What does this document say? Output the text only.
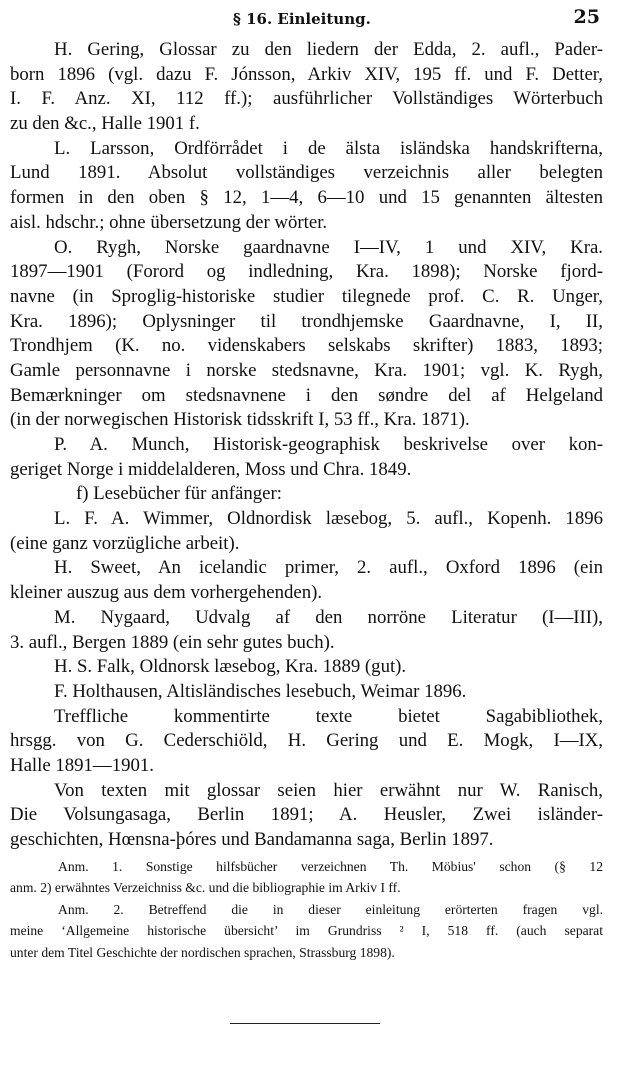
§ 16. Einleitung.	25
H. Gering, Glossar zu den liedern der Edda, 2. aufl., Pader-
born 1896 (vgl. dazu F. Jónsson, Arkiv XIV, 195 ff. und F. Detter,
I. F. Anz. XI, 112 ff.); ausführlicher Vollständiges Wörterbuch
zu den &c., Halle 1901 f.
L. Larsson, Ordförrådet i de älsta isländska handskrifterna,
Lund 1891. Absolut vollständiges verzeichnis aller belegten
formen in den oben § 12, 1—4, 6—10 und 15 genannten ältesten
aisl. hdschr.; ohne übersetzung der wörter.
O. Rygh, Norske gaardnavne I—IV, 1 und XIV, Kra.
1897—1901 (Forord og indledning, Kra. 1898); Norske fjord-
navne (in Sproglig-historiske studier tilegnede prof. C. R. Unger,
Kra. 1896); Oplysninger til trondhjemske Gaardnavne, I, II,
Trondhjem (K. no. videnskabers selskabs skrifter) 1883, 1893;
Gamle personnavne i norske stedsnavne, Kra. 1901; vgl. K. Rygh,
Bemærkninger om stedsnavnene i den søndre del af Helgeland
(in der norwegischen Historisk tidsskrift I, 53 ff., Kra. 1871).
P. A. Munch, Historisk-geographisk beskrivelse over kon-
geriget Norge i middelalderen, Moss und Chra. 1849.
f) Lesebücher für anfänger:
L. F. A. Wimmer, Oldnordisk læsebog, 5. aufl., Kopenh. 1896
(eine ganz vorzügliche arbeit).
H. Sweet, An icelandic primer, 2. aufl., Oxford 1896 (ein
kleiner auszug aus dem vorhergehenden).
M. Nygaard, Udvalg af den norröne Literatur (I—III),
3. aufl., Bergen 1889 (ein sehr gutes buch).
H. S. Falk, Oldnorsk læsebog, Kra. 1889 (gut).
F. Holthausen, Altisländisches lesebuch, Weimar 1896.
Treffliche kommentirte texte bietet Sagabibliothek,
hrsgg. von G. Cederschiöld, H. Gering und E. Mogk, I—IX,
Halle 1891—1901.
Von texten mit glossar seien hier erwähnt nur W. Ranisch,
Die Volsungasaga, Berlin 1891; A. Heusler, Zwei isländer-
geschichten, Hœnsna-þóres und Bandamanna saga, Berlin 1897.
Anm. 1. Sonstige hilfsbücher verzeichnen Th. Möbius' schon (§ 12
anm. 2) erwähntes Verzeichniss &c. und die bibliographie im Arkiv I ff.
Anm. 2. Betreffend die in dieser einleitung erörterten fragen vgl.
meine ‘Allgemeine historische übersicht’ im Grundriss ² I, 518 ff. (auch separat
unter dem Titel Geschichte der nordischen sprachen, Strassburg 1898).
